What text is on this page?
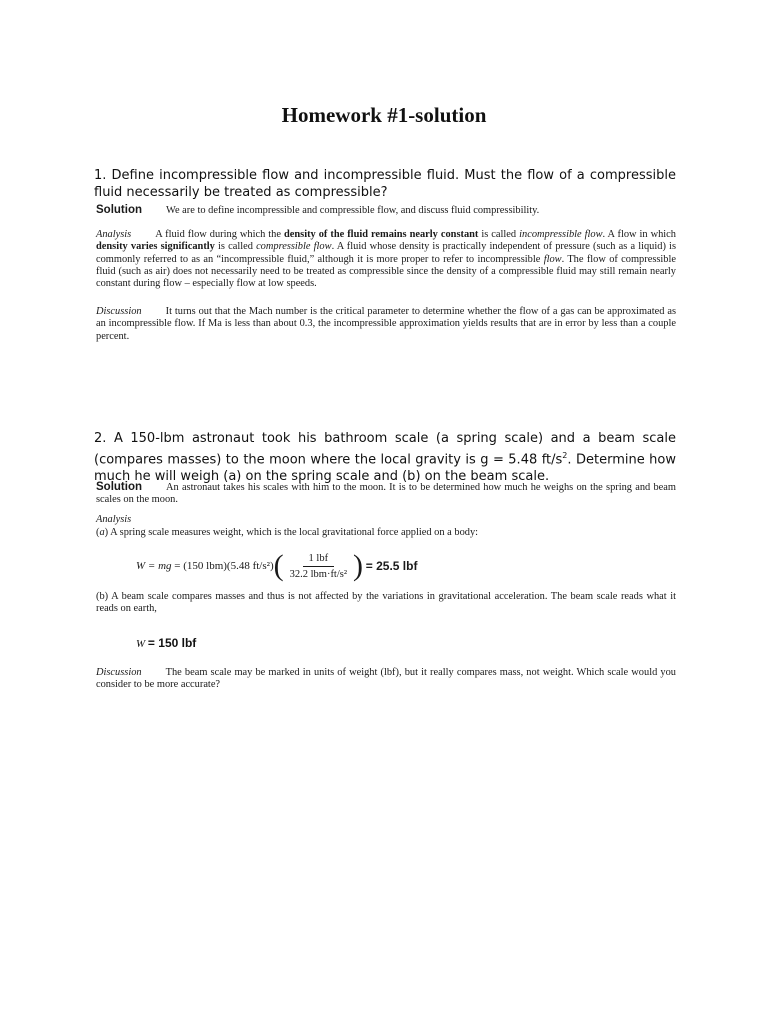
Homework #1-solution
1. Define incompressible flow and incompressible fluid. Must the flow of a compressible fluid necessarily be treated as compressible?
Solution We are to define incompressible and compressible flow, and discuss fluid compressibility.
Analysis A fluid flow during which the density of the fluid remains nearly constant is called incompressible flow. A flow in which density varies significantly is called compressible flow. A fluid whose density is practically independent of pressure (such as a liquid) is commonly referred to as an “incompressible fluid,” although it is more proper to refer to incompressible flow. The flow of compressible fluid (such as air) does not necessarily need to be treated as compressible since the density of a compressible fluid may still remain nearly constant during flow – especially flow at low speeds.
Discussion It turns out that the Mach number is the critical parameter to determine whether the flow of a gas can be approximated as an incompressible flow. If Ma is less than about 0.3, the incompressible approximation yields results that are in error by less than a couple percent.
2. A 150-lbm astronaut took his bathroom scale (a spring scale) and a beam scale (compares masses) to the moon where the local gravity is g = 5.48 $ft/s^2$. Determine how much he will weigh (a) on the spring scale and (b) on the beam scale.
Solution An astronaut takes his scales with him to the moon. It is to be determined how much he weighs on the spring and beam scales on the moon.
Analysis
(a) A spring scale measures weight, which is the local gravitational force applied on a body:
W = mg
= (150 lbm)(5.48 ft/s²) ( $\frac{\text{1 lbf}}{\text{32.2 lbm·ft/s²}}$ )
= 25.5 lbf
(b) A beam scale compares masses and thus is not affected by the variations in gravitational acceleration. The beam scale reads what it reads on earth,
W = 150 lbf
Discussion The beam scale may be marked in units of weight (lbf), but it really compares mass, not weight. Which scale would you consider to be more accurate?
